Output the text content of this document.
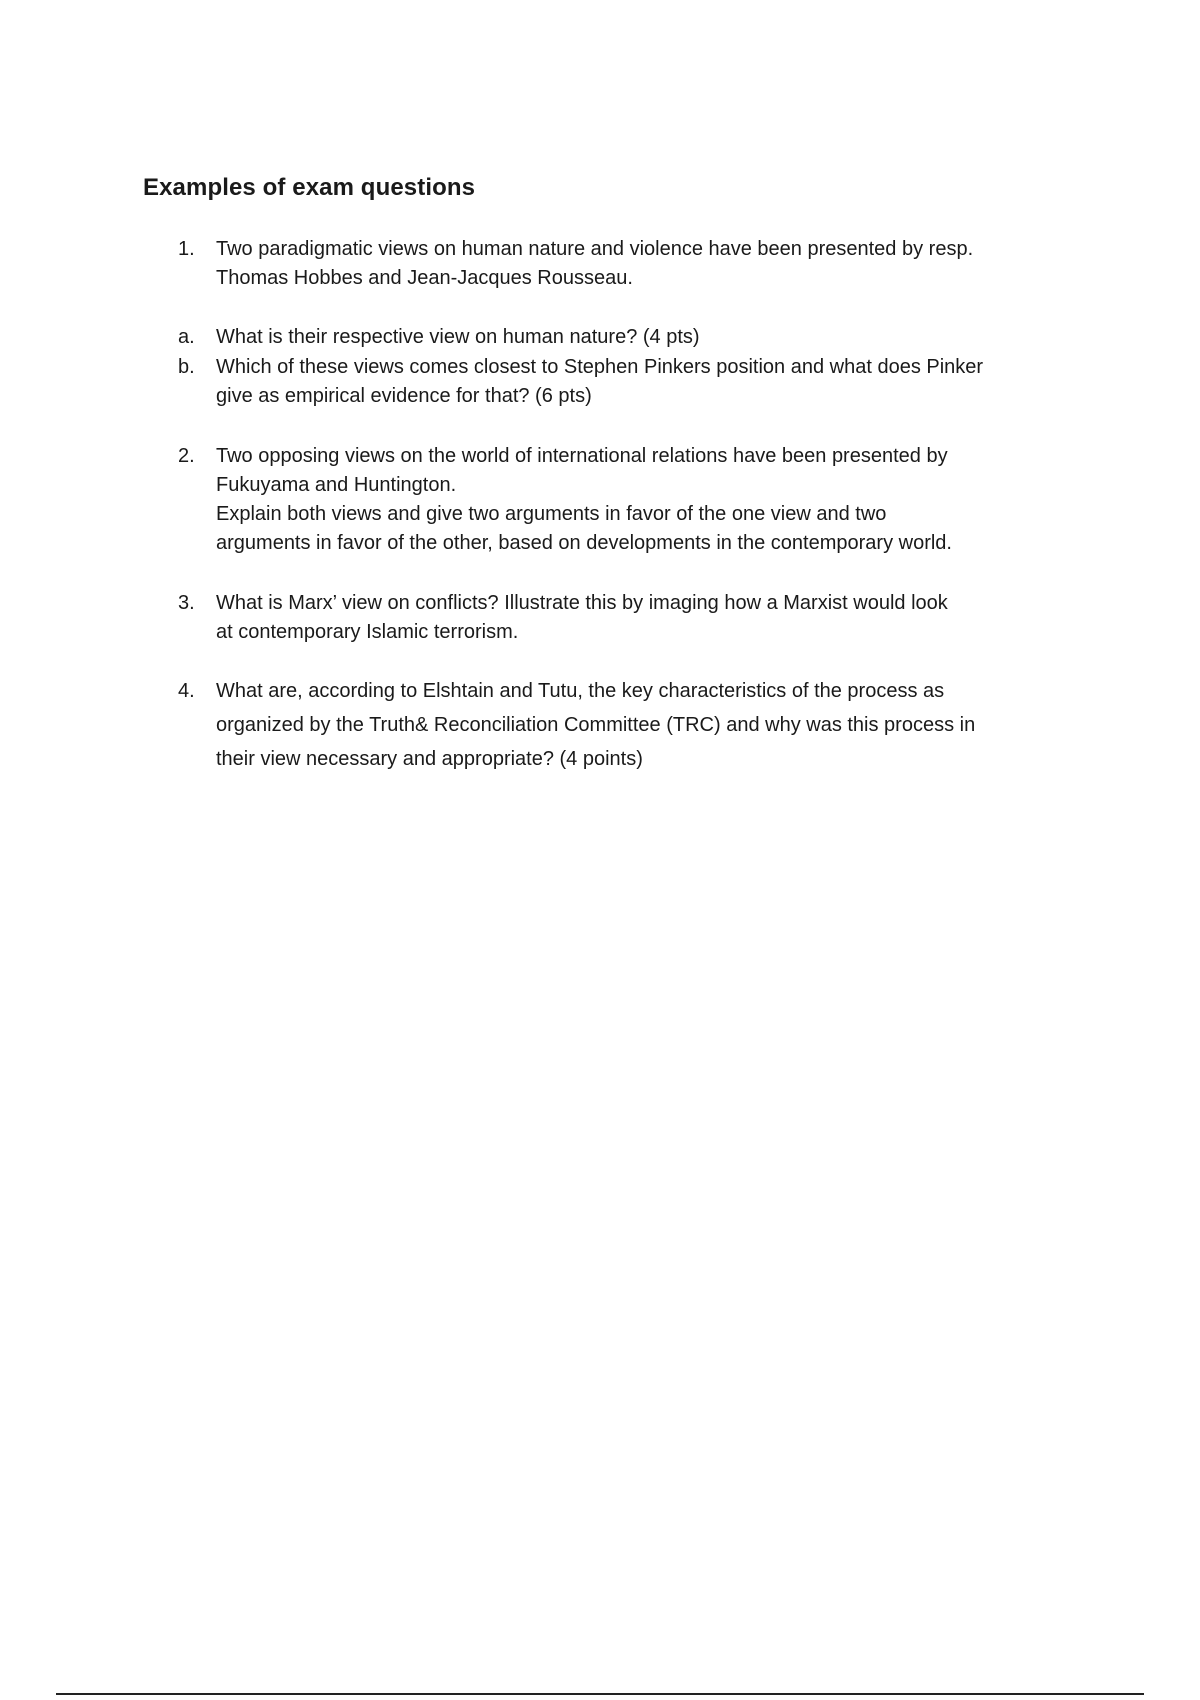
Examples of exam questions
1.	Two paradigmatic views on human nature and violence have been presented by resp.
Thomas Hobbes and Jean-Jacques Rousseau.
a.	What is their respective view on human nature? (4 pts)
b.	Which of these views comes closest to Stephen Pinkers position and what does Pinker
give as empirical evidence for that? (6 pts)
2.	Two opposing views on the world of international relations have been presented by
Fukuyama and Huntington.
Explain both views and give two arguments in favor of the one view and two
arguments in favor of the other, based on developments in the contemporary world.
3.	What is Marx’ view on conflicts? Illustrate this by imaging how a Marxist would look
at contemporary Islamic terrorism.
4.	What are, according to Elshtain and Tutu, the key characteristics of the process as
organized by the Truth& Reconciliation Committee (TRC) and why was this process in
their view necessary and appropriate? (4 points)
